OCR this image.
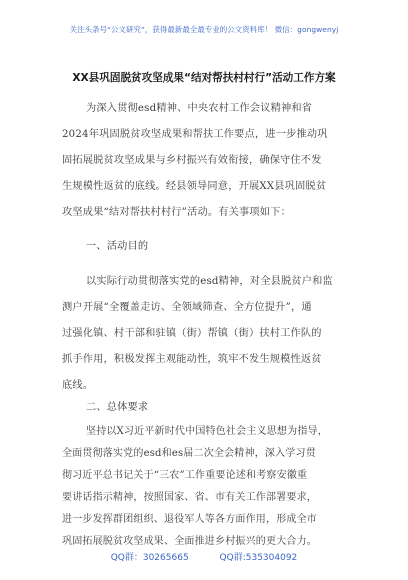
关注头条号“公文研究”，获得最新最全最专业的公文资料库！ 微信：gongwenyj
XX县巩固脱贫攻坚成果“结对帮扶村村行”活动工作方案
为深入贯彻esd精神、中央农村工作会议精神和省
2024年巩固脱贫攻坚成果和帮扶工作要点，进一步推动巩
固拓展脱贫攻坚成果与乡村振兴有效衔接，确保守住不发
生规模性返贫的底线。经县领导同意，开展XX县巩固脱贫
攻坚成果“结对帮扶村村行”活动。有关事项如下：
一、活动目的
以实际行动贯彻落实党的esd精神，对全县脱贫户和监
测户开展“全覆盖走访、全领域筛查、全方位提升”，通
过强化镇、村干部和驻镇（街）帮镇（街）扶村工作队的
抓手作用，积极发挥主观能动性，筑牢不发生规模性返贫
底线。
二、总体要求
坚持以X习近平新时代中国特色社会主义思想为指导，
全面贯彻落实党的esd和es届二次全会精神，深入学习贯
彻习近平总书记关于“三农”工作重要论述和考察安徽重
要讲话指示精神，按照国家、省、市有关工作部署要求，
进一步发挥群团组织、退役军人等各方面作用，形成全市
巩固拓展脱贫攻坚成果、全面推进乡村振兴的更大合力。
QQ群：30265665	QQ群:535304092
